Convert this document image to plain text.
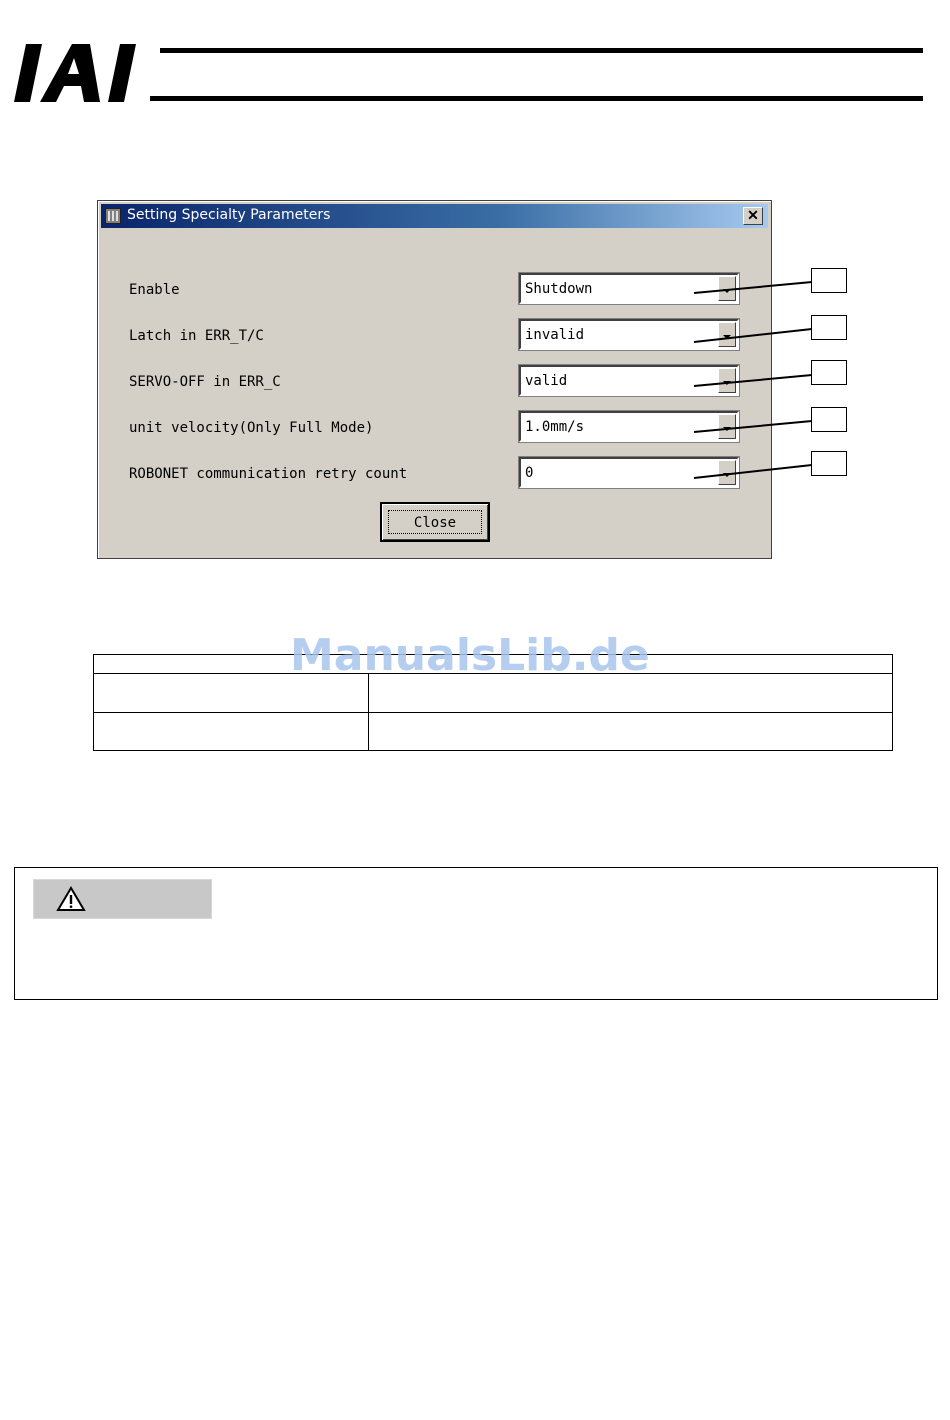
Setting Specialty Parameters	✕
Enable	Shutdown
Latch in ERR_T/C	invalid
SERVO-OFF in ERR_C	valid
unit velocity(Only Full Mode)	1.0mm/s
ROBONET communication retry count	0
Close

ManualsLib.de
